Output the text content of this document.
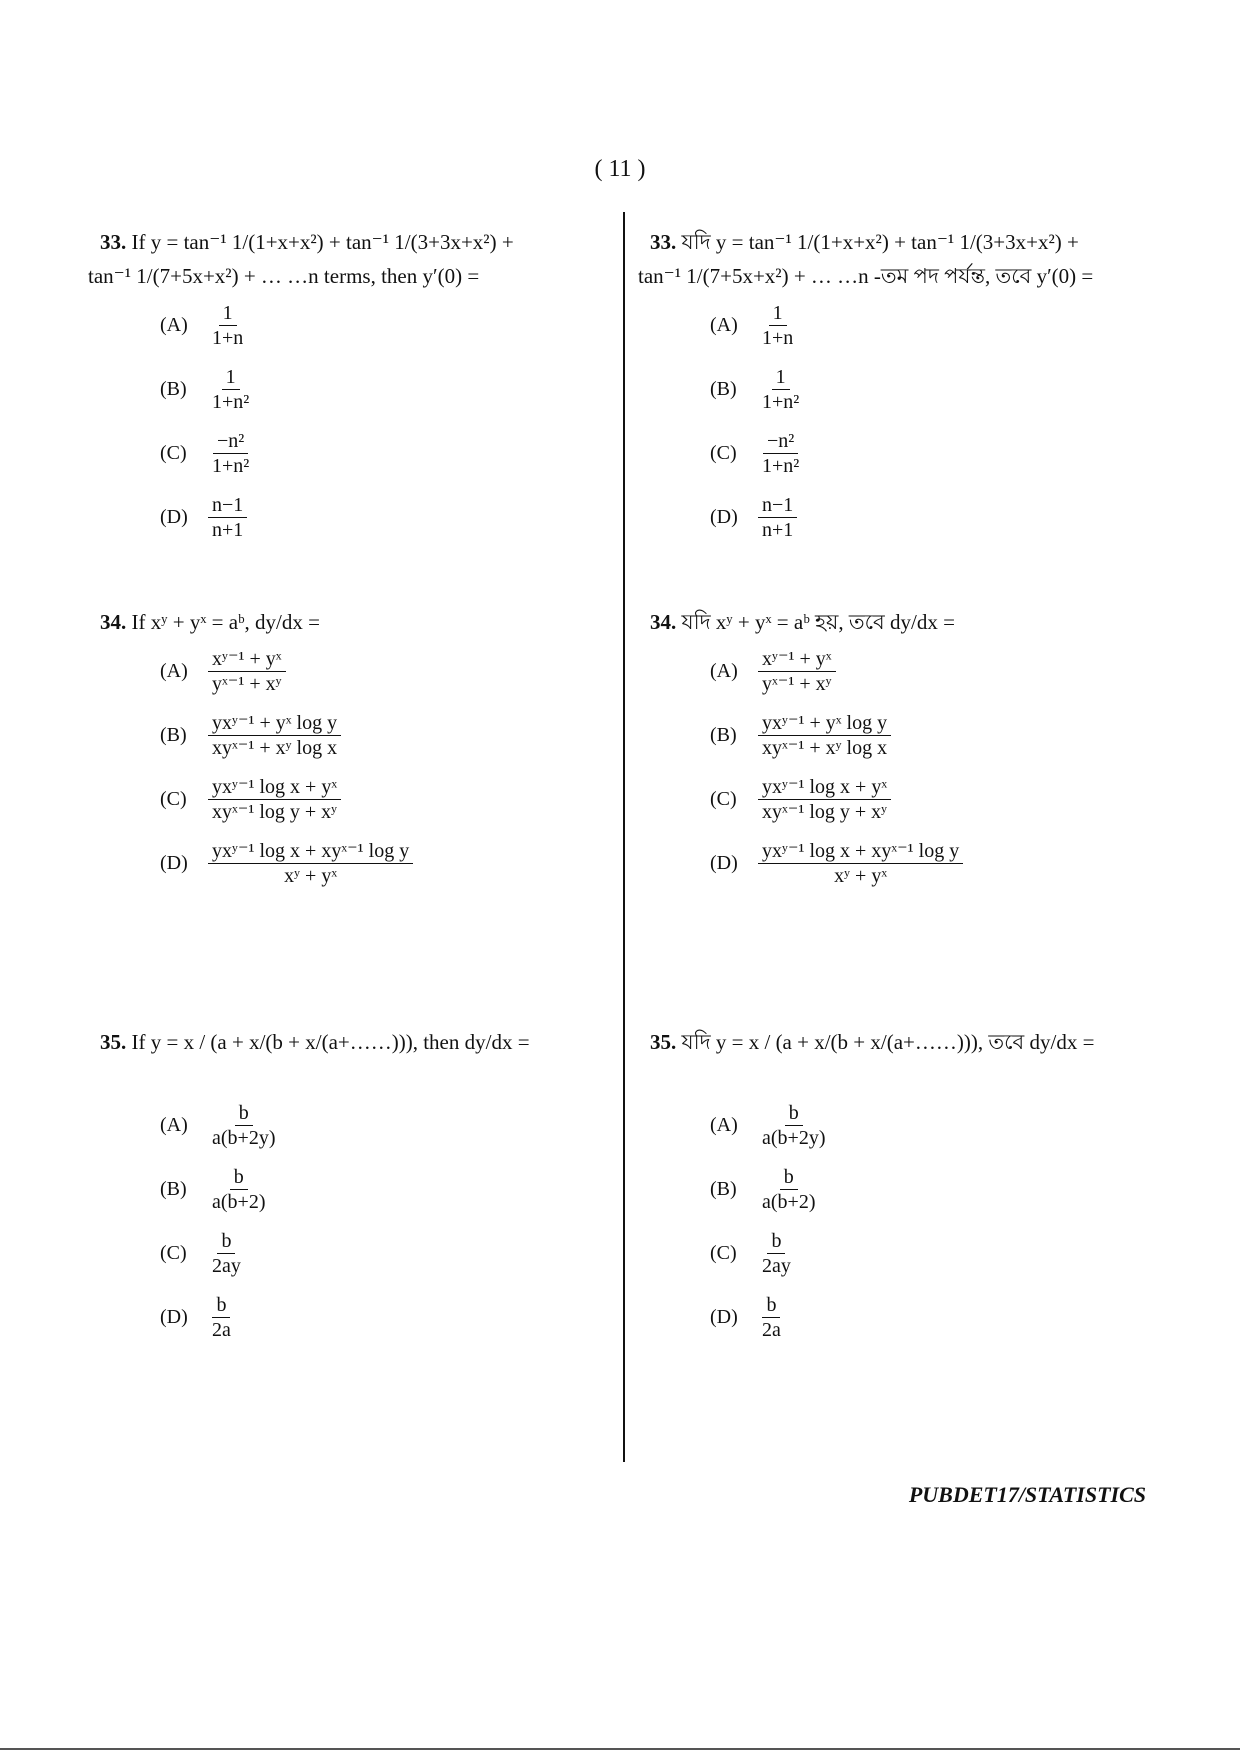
( 11 )
33. If y = tan⁻¹ 1/(1+x+x²) + tan⁻¹ 1/(3+3x+x²) +
tan⁻¹ 1/(7+5x+x²) + … …n terms, then y′(0) =
(A)	$\frac{1}{1+n}$
(B)	$\frac{1}{\text{1+n²}}$
(C)	$\frac{\text{−n²}}{\text{1+n²}}$
(D)	$\frac{n-1}{n+1}$
34. If xʸ + yˣ = aᵇ, dy/dx =
(A)	$\frac{\text{xʸ⁻¹ + yˣ}}{\text{yˣ⁻¹ + xʸ}}$
(B)	$\frac{\text{yxʸ⁻¹ + yˣ log y}}{\text{xyˣ⁻¹ + xʸ log x}}$
(C)	$\frac{\text{yxʸ⁻¹ log x + yˣ}}{\text{xyˣ⁻¹ log y + xʸ}}$
(D)	$\frac{\text{yxʸ⁻¹ log x + xyˣ⁻¹ log y}}{\text{xʸ + yˣ}}$
35. If y = x / (a + x/(b + x/(a+……))), then dy/dx =
(A)	$\frac{b}{a(b+2y)}$
(B)	$\frac{b}{a(b+2)}$
(C)	$\frac{b}{2ay}$
(D)	$\frac{b}{2a}$
33. যদি y = tan⁻¹ 1/(1+x+x²) + tan⁻¹ 1/(3+3x+x²) +
tan⁻¹ 1/(7+5x+x²) + … …n -তম পদ পর্যন্ত, তবে y′(0) =
(A)	$\frac{1}{1+n}$
(B)	$\frac{1}{\text{1+n²}}$
(C)	$\frac{\text{−n²}}{\text{1+n²}}$
(D)	$\frac{n-1}{n+1}$
34. যদি xʸ + yˣ = aᵇ হয়, তবে dy/dx =
(A)	$\frac{\text{xʸ⁻¹ + yˣ}}{\text{yˣ⁻¹ + xʸ}}$
(B)	$\frac{\text{yxʸ⁻¹ + yˣ log y}}{\text{xyˣ⁻¹ + xʸ log x}}$
(C)	$\frac{\text{yxʸ⁻¹ log x + yˣ}}{\text{xyˣ⁻¹ log y + xʸ}}$
(D)	$\frac{\text{yxʸ⁻¹ log x + xyˣ⁻¹ log y}}{\text{xʸ + yˣ}}$
35. যদি y = x / (a + x/(b + x/(a+……))), তবে dy/dx =
(A)	$\frac{b}{a(b+2y)}$
(B)	$\frac{b}{a(b+2)}$
(C)	$\frac{b}{2ay}$
(D)	$\frac{b}{2a}$
PUBDET17/STATISTICS
